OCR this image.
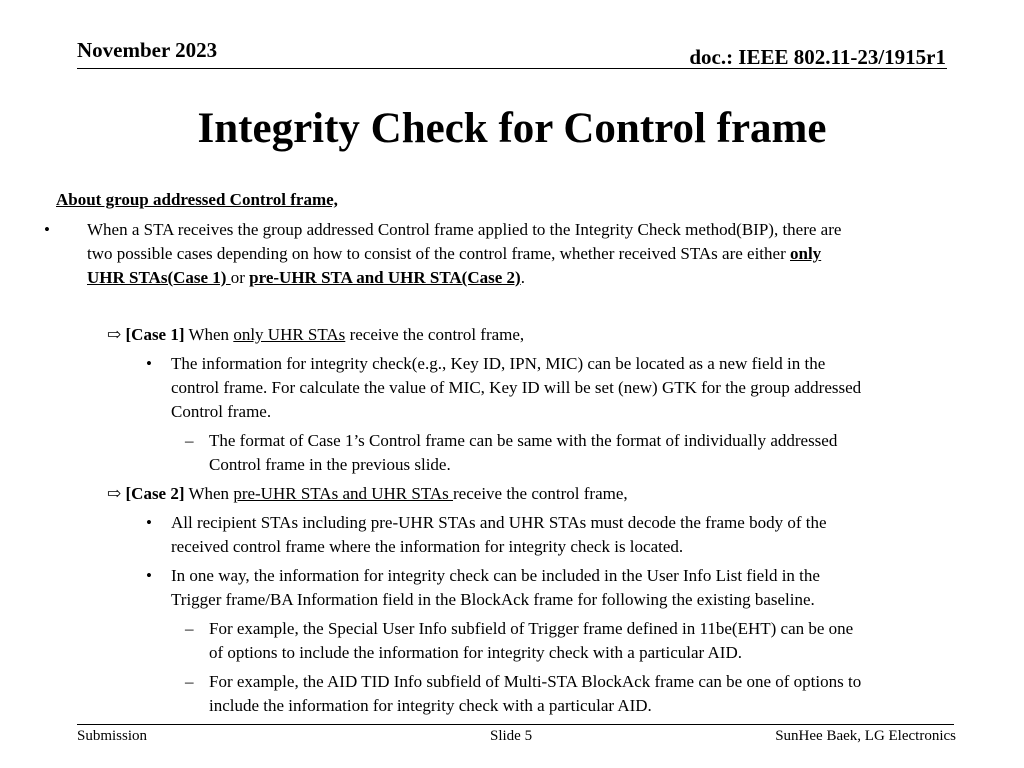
November 2023	doc.: IEEE 802.11-23/1915r1
Integrity Check for Control frame
About group addressed Control frame,
•	When a STA receives the group addressed Control frame applied to the Integrity Check method(BIP), there are
two possible cases depending on how to consist of the control frame, whether received STAs are either only
UHR STAs(Case 1) or pre-UHR STA and UHR STA(Case 2).
⇨ [Case 1] When only UHR STAs receive the control frame,
• The information for integrity check(e.g., Key ID, IPN, MIC) can be located as a new field in the
control frame. For calculate the value of MIC, Key ID will be set (new) GTK for the group addressed
Control frame.
– The format of Case 1’s Control frame can be same with the format of individually addressed
Control frame in the previous slide.
⇨ [Case 2] When pre-UHR STAs and UHR STAs receive the control frame,
• All recipient STAs including pre-UHR STAs and UHR STAs must decode the frame body of the
received control frame where the information for integrity check is located.
• In one way, the information for integrity check can be included in the User Info List field in the
Trigger frame/BA Information field in the BlockAck frame for following the existing baseline.
– For example, the Special User Info subfield of Trigger frame defined in 11be(EHT) can be one
of options to include the information for integrity check with a particular AID.
– For example, the AID TID Info subfield of Multi-STA BlockAck frame can be one of options to
include the information for integrity check with a particular AID.
Submission	Slide 5	SunHee Baek, LG Electronics
